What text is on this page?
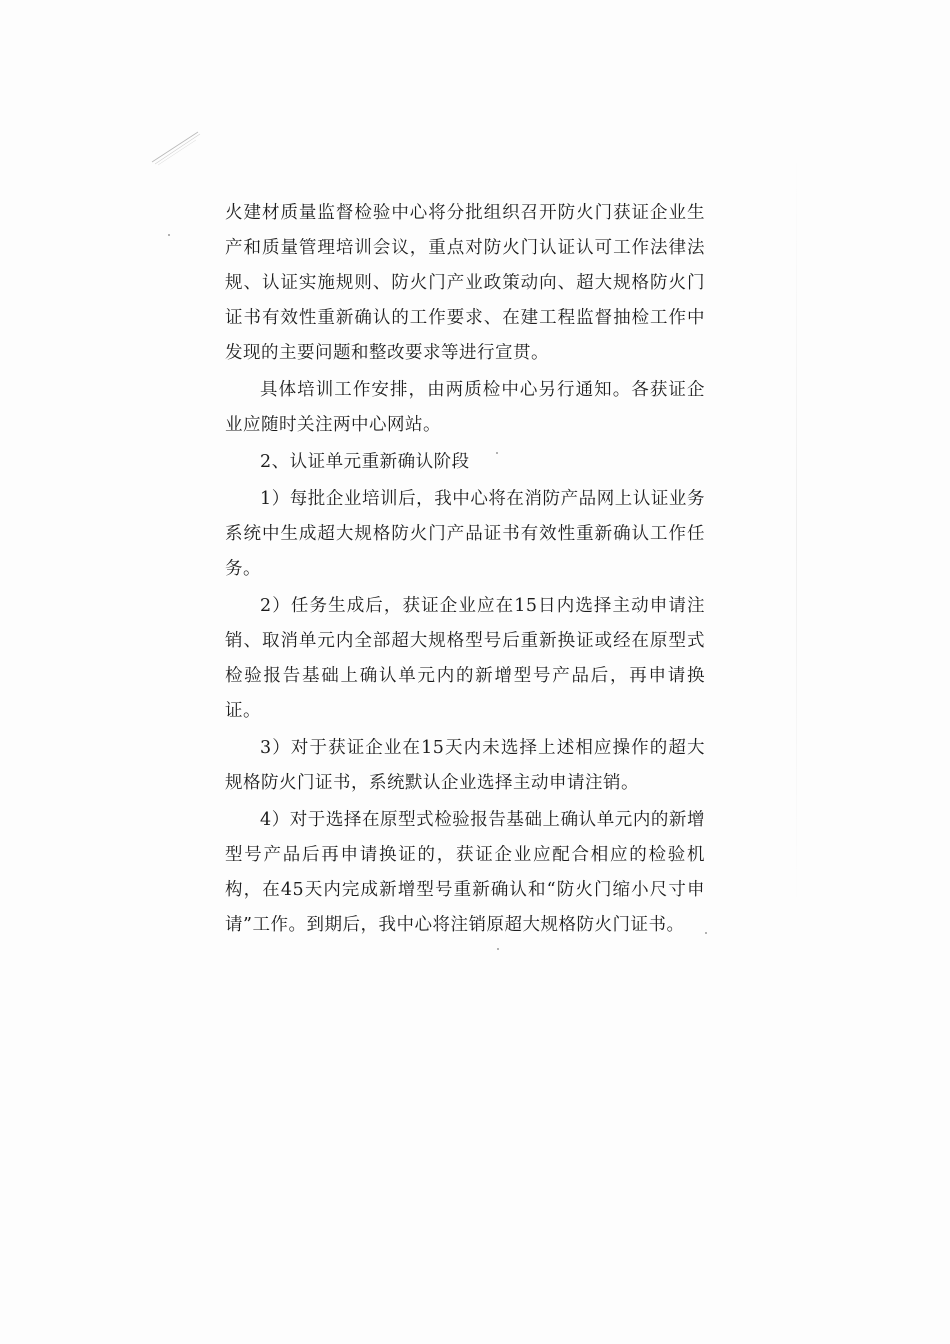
火建材质量监督检验中心将分批组织召开防火门获证企业生产和质量管理培训会议，重点对防火门认证认可工作法律法规、认证实施规则、防火门产业政策动向、超大规格防火门证书有效性重新确认的工作要求、在建工程监督抽检工作中发现的主要问题和整改要求等进行宣贯。

具体培训工作安排，由两质检中心另行通知。各获证企业应随时关注两中心网站。

2、认证单元重新确认阶段

1）每批企业培训后，我中心将在消防产品网上认证业务系统中生成超大规格防火门产品证书有效性重新确认工作任务。

2）任务生成后，获证企业应在15日内选择主动申请注销、取消单元内全部超大规格型号后重新换证或经在原型式检验报告基础上确认单元内的新增型号产品后，再申请换证。

3）对于获证企业在15天内未选择上述相应操作的超大规格防火门证书，系统默认企业选择主动申请注销。

4）对于选择在原型式检验报告基础上确认单元内的新增型号产品后再申请换证的，获证企业应配合相应的检验机构，在45天内完成新增型号重新确认和“防火门缩小尺寸申请”工作。到期后，我中心将注销原超大规格防火门证书。
